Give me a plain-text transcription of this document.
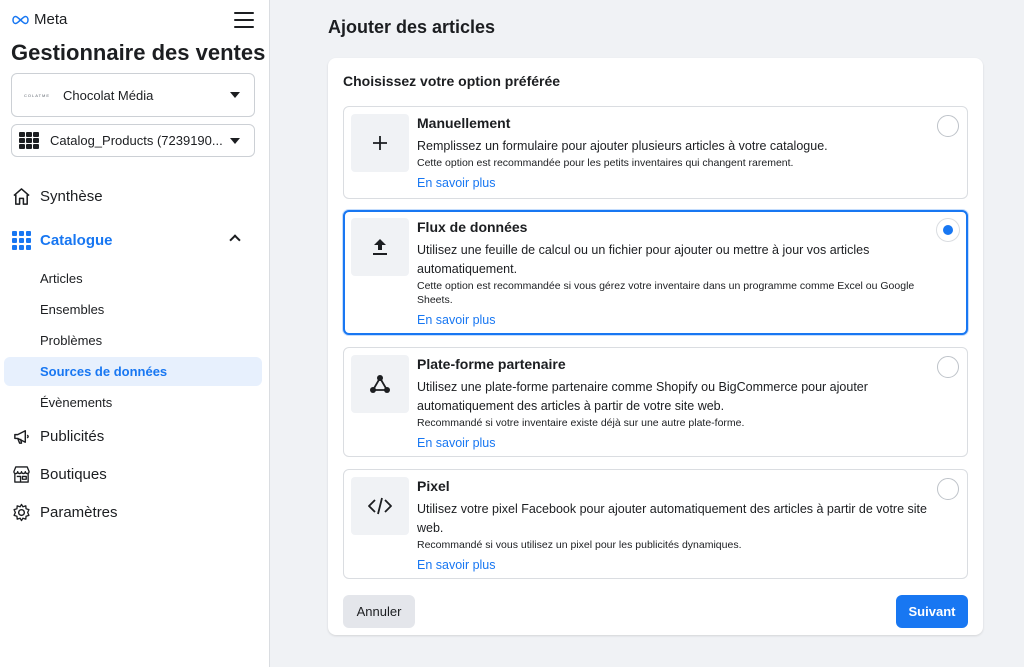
Meta
Gestionnaire des ventes
COLATME Chocolat Média
Catalog_Products (7239190...
Synthèse
Catalogue
Articles
Ensembles
Problèmes
Sources de données
Évènements
Publicités
Boutiques
Paramètres
Ajouter des articles
Choisissez votre option préférée
Manuellement
Remplissez un formulaire pour ajouter plusieurs articles à votre catalogue.
Cette option est recommandée pour les petits inventaires qui changent rarement.
En savoir plus
Flux de données
Utilisez une feuille de calcul ou un fichier pour ajouter ou mettre à jour vos articles automatiquement.
Cette option est recommandée si vous gérez votre inventaire dans un programme comme Excel ou Google Sheets.
En savoir plus
Plate-forme partenaire
Utilisez une plate-forme partenaire comme Shopify ou BigCommerce pour ajouter automatiquement des articles à partir de votre site web.
Recommandé si votre inventaire existe déjà sur une autre plate-forme.
En savoir plus
Pixel
Utilisez votre pixel Facebook pour ajouter automatiquement des articles à partir de votre site web.
Recommandé si vous utilisez un pixel pour les publicités dynamiques.
En savoir plus
Annuler	Suivant
